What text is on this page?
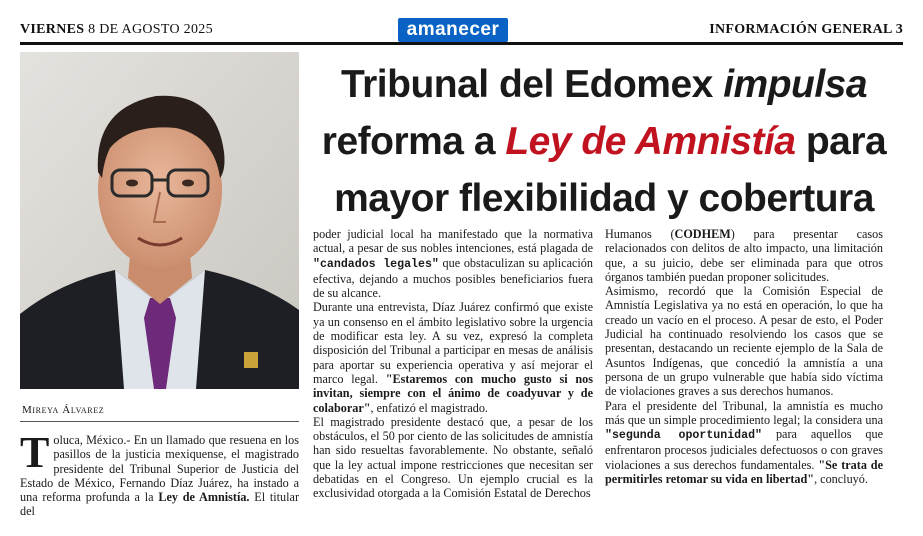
VIERNES 8 DE AGOSTO 2025	amanecer	INFORMACIÓN GENERAL 3
Mireya Álvarez
Tribunal del Edomex impulsa
reforma a Ley de Amnistía para
mayor flexibilidad y cobertura

Toluca, México.- En un llamado que resuena en los pasillos de la justicia mexiquense, el magistrado presidente del Tribunal Superior de Justicia del Estado de México, Fernando Díaz Juárez, ha instado a una reforma profunda a la Ley de Amnistía. El titular del

poder judicial local ha manifestado que la normativa actual, a pesar de sus nobles intenciones, está plagada de "candados legales" que obstaculizan su aplicación efectiva, dejando a muchos posibles beneficiarios fuera de su alcance.

Durante una entrevista, Díaz Juárez confirmó que existe ya un consenso en el ámbito legislativo sobre la urgencia de modificar esta ley. A su vez, expresó la completa disposición del Tribunal a participar en mesas de análisis para aportar su experiencia operativa y así mejorar el marco legal. "Estaremos con mucho gusto si nos invitan, siempre con el ánimo de coadyuvar y de colaborar", enfatizó el magistrado.

El magistrado presidente destacó que, a pesar de los obstáculos, el 50 por ciento de las solicitudes de amnistía han sido resueltas favorablemente. No obstante, señaló que la ley actual impone restricciones que necesitan ser debatidas en el Congreso. Un ejemplo crucial es la exclusividad otorgada a la Comisión Estatal de Derechos

Humanos (CODHEM) para presentar casos relacionados con delitos de alto impacto, una limitación que, a su juicio, debe ser eliminada para que otros órganos también puedan proponer solicitudes.

Asimismo, recordó que la Comisión Especial de Amnistía Legislativa ya no está en operación, lo que ha creado un vacío en el proceso. A pesar de esto, el Poder Judicial ha continuado resolviendo los casos que se presentan, destacando un reciente ejemplo de la Sala de Asuntos Indígenas, que concedió la amnistía a una persona de un grupo vulnerable que había sido víctima de violaciones graves a sus derechos humanos.

Para el presidente del Tribunal, la amnistía es mucho más que un simple procedimiento legal; la considera una "segunda oportunidad" para aquellos que enfrentaron procesos judiciales defectuosos o con graves violaciones a sus derechos fundamentales. "Se trata de permitirles retomar su vida en libertad", concluyó.
